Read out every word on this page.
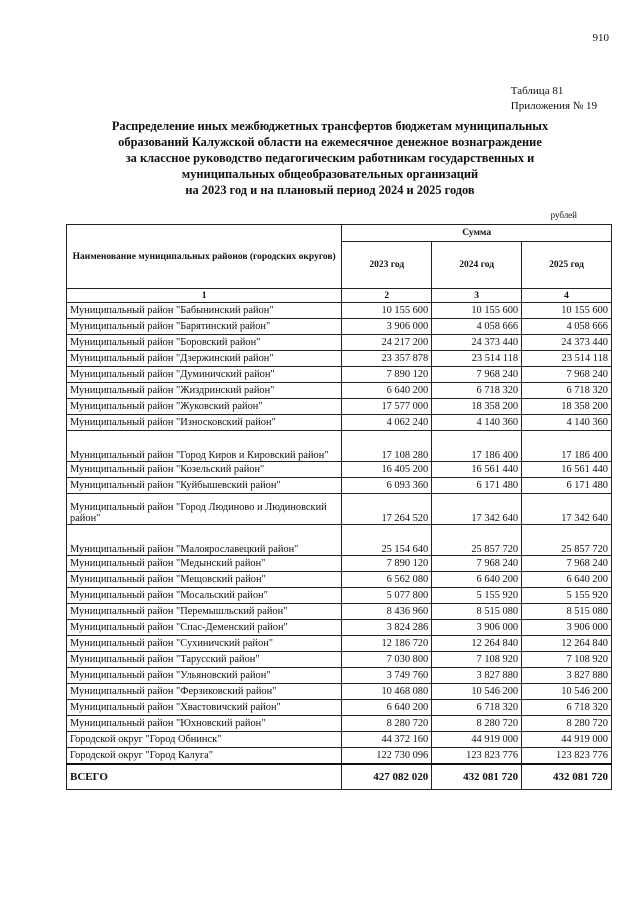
910
Таблица 81
Приложения № 19
Распределение иных межбюджетных трансфертов бюджетам муниципальных
образований Калужской области на ежемесячное денежное вознаграждение
за классное руководство педагогическим работникам государственных и
муниципальных общеобразовательных организаций
на 2023 год и на плановый период 2024 и 2025 годов
рублей
Наименование муниципальных районов (городских округов)	Сумма		
	2023 год	2024 год	2025 год
1	2	3	4
Муниципальный район "Бабынинский район"	10 155 600	10 155 600	10 155 600
Муниципальный район "Барятинский район"	3 906 000	4 058 666	4 058 666
Муниципальный район "Боровский район"	24 217 200	24 373 440	24 373 440
Муниципальный район "Дзержинский район"	23 357 878	23 514 118	23 514 118
Муниципальный район "Думиничский район"	7 890 120	7 968 240	7 968 240
Муниципальный район "Жиздринский район"	6 640 200	6 718 320	6 718 320
Муниципальный район "Жуковский район"	17 577 000	18 358 200	18 358 200
Муниципальный район "Износковский район"	4 062 240	4 140 360	4 140 360
Муниципальный район "Город Киров и Кировский район"	17 108 280	17 186 400	17 186 400
Муниципальный район "Козельский район"	16 405 200	16 561 440	16 561 440
Муниципальный район "Куйбышевский район"	6 093 360	6 171 480	6 171 480
Муниципальный район "Город Людиново и Людиновский район"	17 264 520	17 342 640	17 342 640
Муниципальный район "Малоярославецкий район"	25 154 640	25 857 720	25 857 720
Муниципальный район "Медынский район"	7 890 120	7 968 240	7 968 240
Муниципальный район "Мещовский район"	6 562 080	6 640 200	6 640 200
Муниципальный район "Мосальский район"	5 077 800	5 155 920	5 155 920
Муниципальный район "Перемышльский район"	8 436 960	8 515 080	8 515 080
Муниципальный район "Спас-Деменский район"	3 824 286	3 906 000	3 906 000
Муниципальный район "Сухиничский район"	12 186 720	12 264 840	12 264 840
Муниципальный район "Тарусский район"	7 030 800	7 108 920	7 108 920
Муниципальный район "Ульяновский район"	3 749 760	3 827 880	3 827 880
Муниципальный район "Ферзиковский район"	10 468 080	10 546 200	10 546 200
Муниципальный район "Хвастовичский район"	6 640 200	6 718 320	6 718 320
Муниципальный район "Юхновский район"	8 280 720	8 280 720	8 280 720
Городской округ "Город Обнинск"	44 372 160	44 919 000	44 919 000
Городской округ "Город Калуга"	122 730 096	123 823 776	123 823 776
ВСЕГО	427 082 020	432 081 720	432 081 720
